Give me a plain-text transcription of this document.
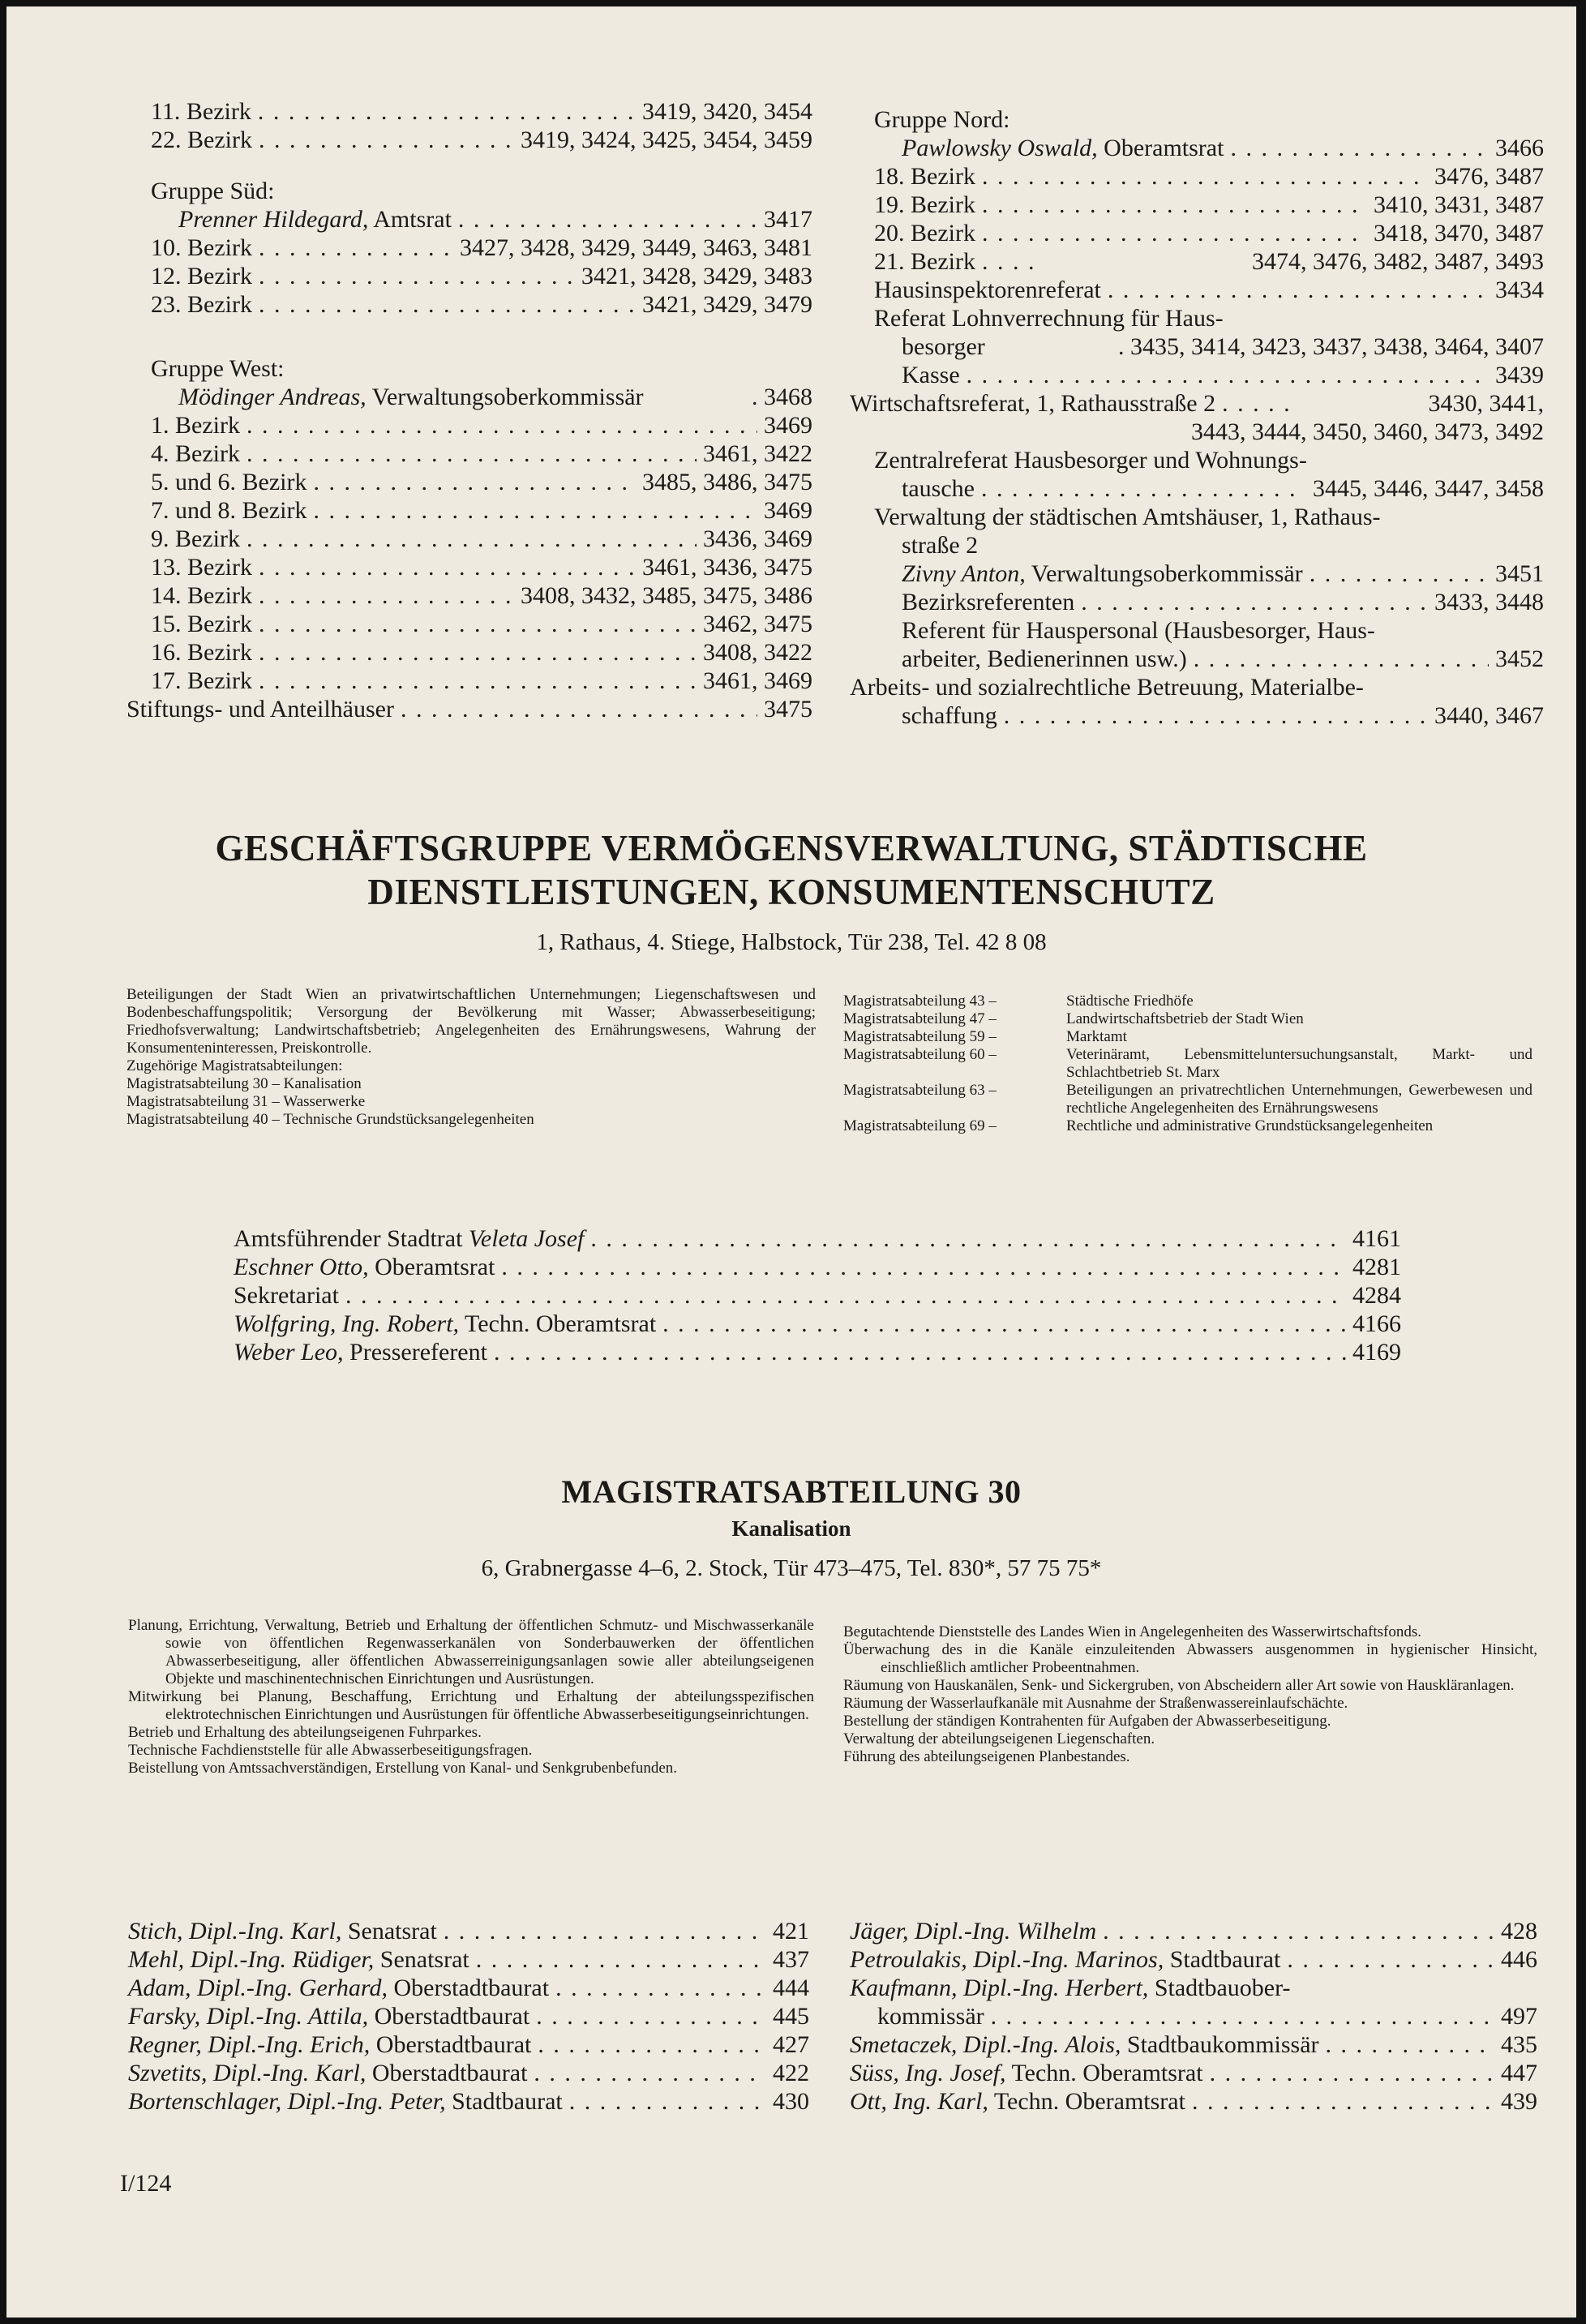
11. Bezirk . . .	3419, 3420, 3454
22. Bezirk . . .	3419, 3424, 3425, 3454, 3459
Gruppe Süd:
Prenner Hildegard, Amtsrat . . .	3417
10. Bezirk . . .	3427, 3428, 3429, 3449, 3463, 3481
12. Bezirk . . .	3421, 3428, 3429, 3483
23. Bezirk . . .	3421, 3429, 3479
Gruppe West:
Mödinger Andreas, Verwaltungsoberkommissär	. 3468
1. Bezirk . . .	3469
4. Bezirk . . .	3461, 3422
5. und 6. Bezirk . . .	3485, 3486, 3475
7. und 8. Bezirk . . .	3469
9. Bezirk . . .	3436, 3469
13. Bezirk . . .	3461, 3436, 3475
14. Bezirk . . .	3408, 3432, 3485, 3475, 3486
15. Bezirk . . .	3462, 3475
16. Bezirk . . .	3408, 3422
17. Bezirk . . .	3461, 3469
Stiftungs- und Anteilhäuser . . .	3475
Gruppe Nord:
Pawlowsky Oswald, Oberamtsrat . . .	3466
18. Bezirk . . .	3476, 3487
19. Bezirk . . .	3410, 3431, 3487
20. Bezirk . . .	3418, 3470, 3487
21. Bezirk . . .	3474, 3476, 3482, 3487, 3493
Hausinspektorenreferat . . .	3434
Referat Lohnverrechnung für Haus-
besorger	. 3435, 3414, 3423, 3437, 3438, 3464, 3407
Kasse . . .	3439
Wirtschaftsreferat, 1, Rathausstraße 2 . . .	3430, 3441,
3443, 3444, 3450, 3460, 3473, 3492
Zentralreferat Hausbesorger und Wohnungs-
tausche . . .	3445, 3446, 3447, 3458
Verwaltung der städtischen Amtshäuser, 1, Rathaus-
straße 2
Zivny Anton, Verwaltungsoberkommissär . . .	3451
Bezirksreferenten . . .	3433, 3448
Referent für Hauspersonal (Hausbesorger, Haus-
arbeiter, Bedienerinnen usw.) . . .	3452
Arbeits- und sozialrechtliche Betreuung, Materialbe-
schaffung . . .	3440, 3467
GESCHÄFTSGRUPPE VERMÖGENSVERWALTUNG, STÄDTISCHE
DIENSTLEISTUNGEN, KONSUMENTENSCHUTZ
1, Rathaus, 4. Stiege, Halbstock, Tür 238, Tel. 42 8 08

Beteiligungen der Stadt Wien an privatwirtschaftlichen Unternehmungen; Liegenschaftswesen und Bodenbeschaffungspolitik; Versorgung der Bevölkerung mit Wasser; Abwasserbeseitigung; Friedhofsverwaltung; Landwirtschaftsbetrieb; Angelegenheiten des Ernährungswesens, Wahrung der Konsumenteninteressen, Preiskontrolle.

Zugehörige Magistratsabteilungen:

Magistratsabteilung 30 – Kanalisation

Magistratsabteilung 31 – Wasserwerke

Magistratsabteilung 40 – Technische Grundstücksangelegenheiten

Magistratsabteilung 43 –	Städtische Friedhöfe
Magistratsabteilung 47 –	Landwirtschaftsbetrieb der Stadt Wien
Magistratsabteilung 59 –	Marktamt
Magistratsabteilung 60 –	Veterinäramt, Lebensmitteluntersuchungsanstalt, Markt- und Schlachtbetrieb St. Marx
Magistratsabteilung 63 –	Beteiligungen an privatrechtlichen Unternehmungen, Gewerbewesen und rechtliche Angelegenheiten des Ernährungswesens
Magistratsabteilung 69 –	Rechtliche und administrative Grundstücksangelegenheiten
Amtsführender Stadtrat Veleta Josef . . .	4161
Eschner Otto, Oberamtsrat . . .	4281
Sekretariat . . .	4284
Wolfgring, Ing. Robert, Techn. Oberamtsrat . . .	4166
Weber Leo, Pressereferent . . .	4169
MAGISTRATSABTEILUNG 30
Kanalisation
6, Grabnergasse 4–6, 2. Stock, Tür 473–475, Tel. 830*, 57 75 75*

Planung, Errichtung, Verwaltung, Betrieb und Erhaltung der öffentlichen Schmutz- und Mischwasserkanäle sowie von öffentlichen Regenwasserkanälen von Sonderbauwerken der öffentlichen Abwasserbeseitigung, aller öffentlichen Abwasserreinigungsanlagen sowie aller abteilungseigenen Objekte und maschinentechnischen Einrichtungen und Ausrüstungen.

Mitwirkung bei Planung, Beschaffung, Errichtung und Erhaltung der abteilungsspezifischen elektrotechnischen Einrichtungen und Ausrüstungen für öffentliche Abwasserbeseitigungseinrichtungen.

Betrieb und Erhaltung des abteilungseigenen Fuhrparkes.

Technische Fachdienststelle für alle Abwasserbeseitigungsfragen.

Beistellung von Amtssachverständigen, Erstellung von Kanal- und Senkgrubenbefunden.

Begutachtende Dienststelle des Landes Wien in Angelegenheiten des Wasserwirtschaftsfonds.

Überwachung des in die Kanäle einzuleitenden Abwassers ausgenommen in hygienischer Hinsicht, einschließlich amtlicher Probeentnahmen.

Räumung von Hauskanälen, Senk- und Sickergruben, von Abscheidern aller Art sowie von Hauskläranlagen.

Räumung der Wasserlaufkanäle mit Ausnahme der Straßenwassereinlaufschächte.

Bestellung der ständigen Kontrahenten für Aufgaben der Abwasserbeseitigung.

Verwaltung der abteilungseigenen Liegenschaften.

Führung des abteilungseigenen Planbestandes.

Stich, Dipl.-Ing. Karl, Senatsrat . . .	421
Mehl, Dipl.-Ing. Rüdiger, Senatsrat . . .	437
Adam, Dipl.-Ing. Gerhard, Oberstadtbaurat . . .	444
Farsky, Dipl.-Ing. Attila, Oberstadtbaurat . . .	445
Regner, Dipl.-Ing. Erich, Oberstadtbaurat . . .	427
Szvetits, Dipl.-Ing. Karl, Oberstadtbaurat . . .	422
Bortenschlager, Dipl.-Ing. Peter, Stadtbaurat . . .	430
Jäger, Dipl.-Ing. Wilhelm . . .	428
Petroulakis, Dipl.-Ing. Marinos, Stadtbaurat . . .	446
Kaufmann, Dipl.-Ing. Herbert, Stadtbauober-
kommissär . . .	497
Smetaczek, Dipl.-Ing. Alois, Stadtbaukommissär . . .	435
Süss, Ing. Josef, Techn. Oberamtsrat . . .	447
Ott, Ing. Karl, Techn. Oberamtsrat . . .	439
I/124
